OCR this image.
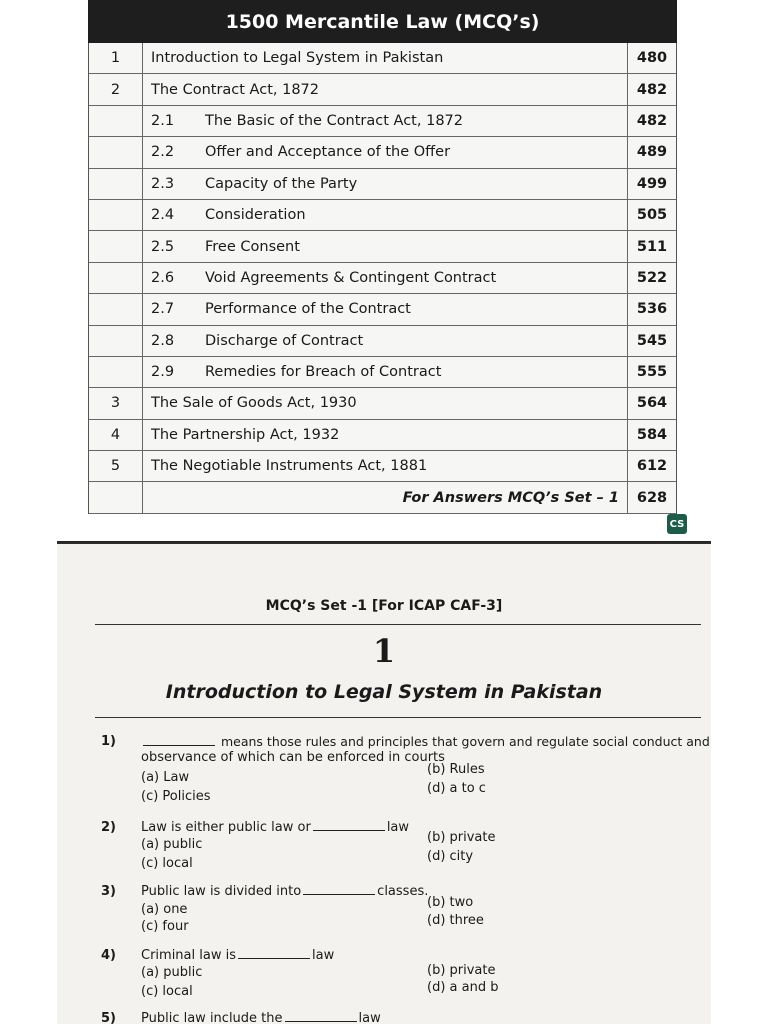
1500 Mercantile Law (MCQ’s)
1	Introduction to Legal System in Pakistan	480
2	The Contract Act, 1872	482
2.1	The Basic of the Contract Act, 1872	482
2.2	Offer and Acceptance of the Offer	489
2.3	Capacity of the Party	499
2.4	Consideration	505
2.5	Free Consent	511
2.6	Void Agreements & Contingent Contract	522
2.7	Performance of the Contract	536
2.8	Discharge of Contract	545
2.9	Remedies for Breach of Contract	555
3	The Sale of Goods Act, 1930	564
4	The Partnership Act, 1932	584
5	The Negotiable Instruments Act, 1881	612
For Answers MCQ’s Set – 1	628
CS
MCQ’s Set -1 [For ICAP CAF-3]
1
Introduction to Legal System in Pakistan
1)	means those rules and principles that govern and regulate social conduct and
observance of which can be enforced in courts
(a) Law
(b) Rules
(c) Policies
(d) a to c
2) Law is either public law or	law
(a) public	(b) private
(c) local	(d) city
3) Public law is divided into	classes.
(a) one	(b) two
(c) four	(d) three
4) Criminal law is	law
(a) public	(b) private
(c) local	(d) a and b
5) Public law include the	law
